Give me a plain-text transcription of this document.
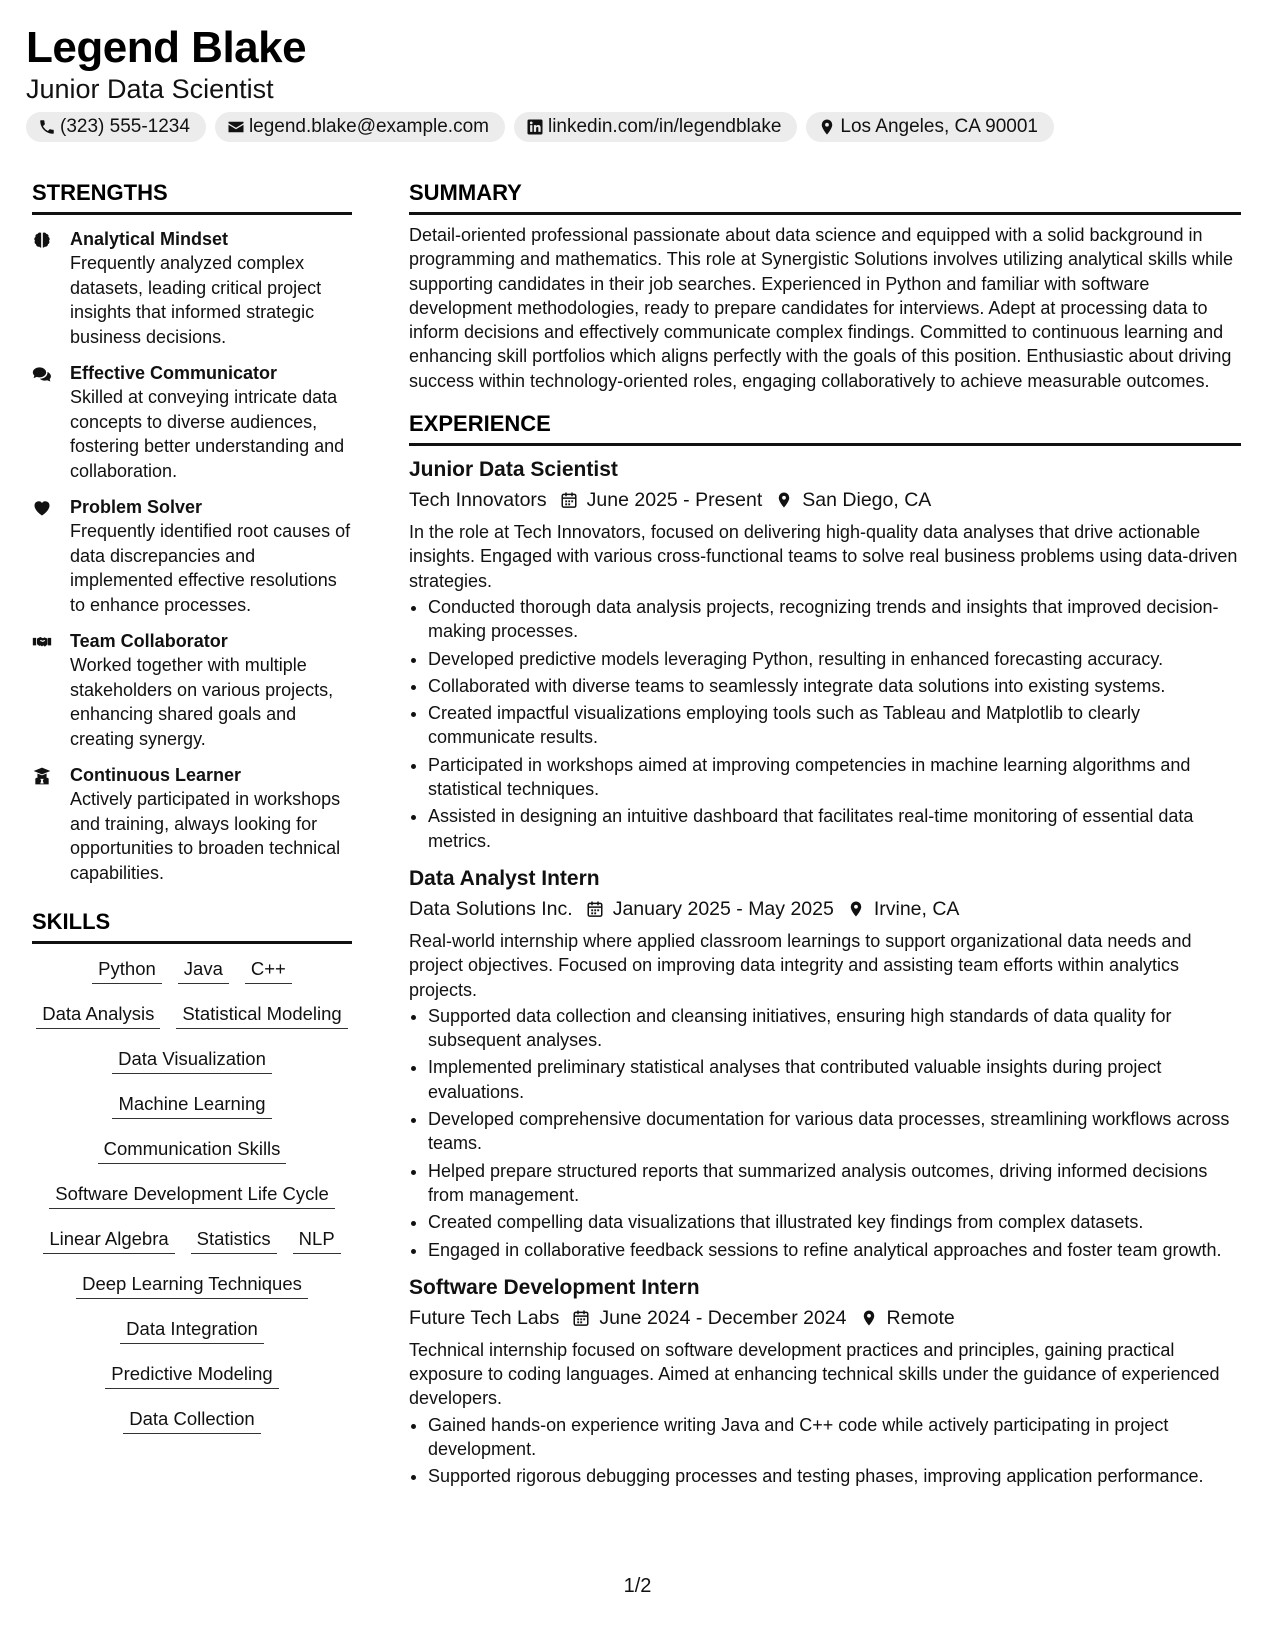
Legend Blake
Junior Data Scientist
(323) 555-1234	legend.blake@example.com	linkedin.com/in/legendblake	Los Angeles, CA 90001
STRENGTHS
Analytical Mindset
Frequently analyzed complex datasets, leading critical project insights that informed strategic business decisions.
Effective Communicator
Skilled at conveying intricate data concepts to diverse audiences, fostering better understanding and collaboration.
Problem Solver
Frequently identified root causes of data discrepancies and implemented effective resolutions to enhance processes.
Team Collaborator
Worked together with multiple stakeholders on various projects, enhancing shared goals and creating synergy.
Continuous Learner
Actively participated in workshops and training, always looking for opportunities to broaden technical capabilities.
SKILLS
Python	Java	C++
Data Analysis	Statistical Modeling
Data Visualization
Machine Learning
Communication Skills
Software Development Life Cycle
Linear Algebra	Statistics	NLP
Deep Learning Techniques
Data Integration
Predictive Modeling
Data Collection
SUMMARY
Detail-oriented professional passionate about data science and equipped with a solid background in programming and mathematics. This role at Synergistic Solutions involves utilizing analytical skills while supporting candidates in their job searches. Experienced in Python and familiar with software development methodologies, ready to prepare candidates for interviews. Adept at processing data to inform decisions and effectively communicate complex findings. Committed to continuous learning and enhancing skill portfolios which aligns perfectly with the goals of this position. Enthusiastic about driving success within technology-oriented roles, engaging collaboratively to achieve measurable outcomes.
EXPERIENCE
Junior Data Scientist
Tech Innovators June 2025 - Present San Diego, CA
In the role at Tech Innovators, focused on delivering high-quality data analyses that drive actionable insights. Engaged with various cross-functional teams to solve real business problems using data-driven strategies.
• Conducted thorough data analysis projects, recognizing trends and insights that improved decision-making processes.
• Developed predictive models leveraging Python, resulting in enhanced forecasting accuracy.
• Collaborated with diverse teams to seamlessly integrate data solutions into existing systems.
• Created impactful visualizations employing tools such as Tableau and Matplotlib to clearly communicate results.
• Participated in workshops aimed at improving competencies in machine learning algorithms and statistical techniques.
• Assisted in designing an intuitive dashboard that facilitates real-time monitoring of essential data metrics.
Data Analyst Intern
Data Solutions Inc. January 2025 - May 2025 Irvine, CA
Real-world internship where applied classroom learnings to support organizational data needs and project objectives. Focused on improving data integrity and assisting team efforts within analytics projects.
• Supported data collection and cleansing initiatives, ensuring high standards of data quality for subsequent analyses.
• Implemented preliminary statistical analyses that contributed valuable insights during project evaluations.
• Developed comprehensive documentation for various data processes, streamlining workflows across teams.
• Helped prepare structured reports that summarized analysis outcomes, driving informed decisions from management.
• Created compelling data visualizations that illustrated key findings from complex datasets.
• Engaged in collaborative feedback sessions to refine analytical approaches and foster team growth.
Software Development Intern
Future Tech Labs June 2024 - December 2024 Remote
Technical internship focused on software development practices and principles, gaining practical exposure to coding languages. Aimed at enhancing technical skills under the guidance of experienced developers.
• Gained hands-on experience writing Java and C++ code while actively participating in project development.
• Supported rigorous debugging processes and testing phases, improving application performance.
1/2
